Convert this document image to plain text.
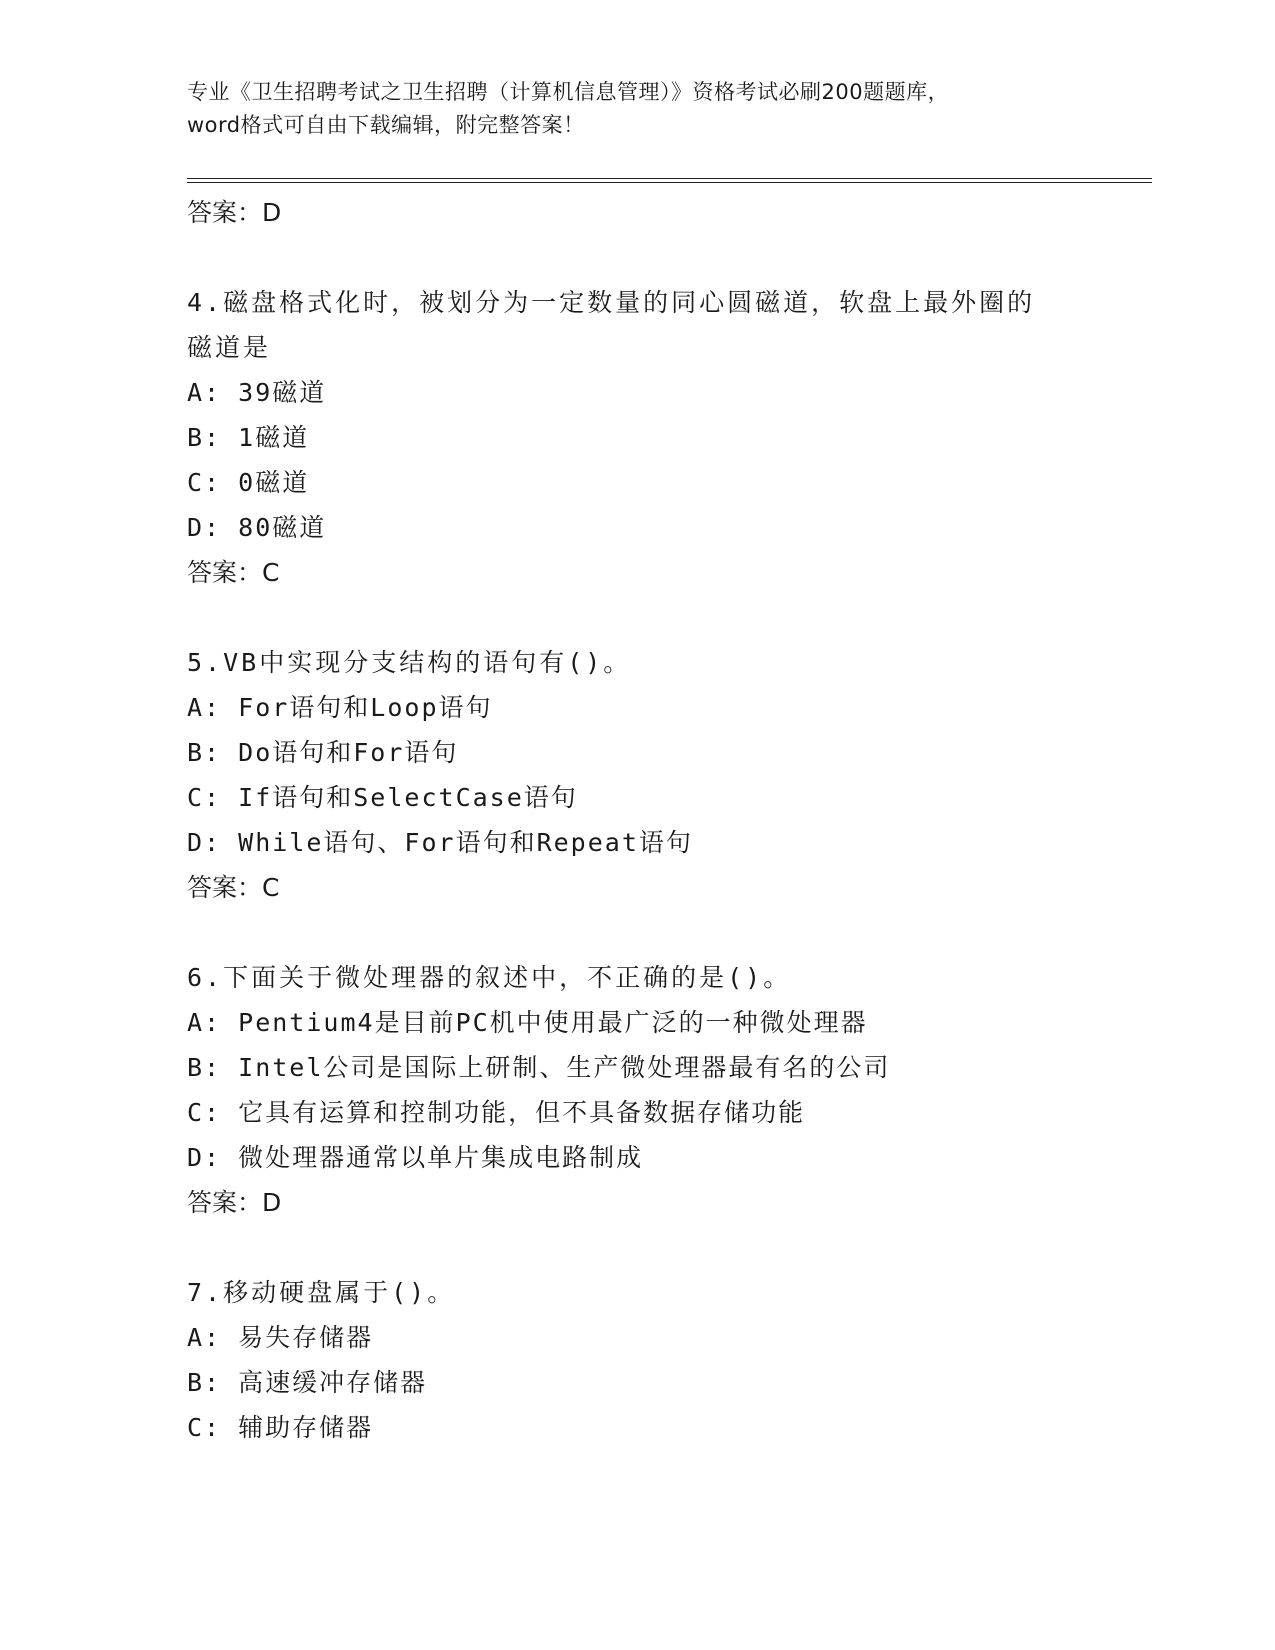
专业《卫生招聘考试之卫生招聘（计算机信息管理）》资格考试必刷200题题库，
word格式可自由下载编辑，附完整答案！
答案：D
4.磁盘格式化时，被划分为一定数量的同心圆磁道，软盘上最外圈的
磁道是
A: 39磁道
B: 1磁道
C: 0磁道
D: 80磁道
答案：C
5.VB中实现分支结构的语句有()。
A: For语句和Loop语句
B: Do语句和For语句
C: If语句和SelectCase语句
D: While语句、For语句和Repeat语句
答案：C
6.下面关于微处理器的叙述中，不正确的是()。
A: Pentium4是目前PC机中使用最广泛的一种微处理器
B: Intel公司是国际上研制、生产微处理器最有名的公司
C: 它具有运算和控制功能，但不具备数据存储功能
D: 微处理器通常以单片集成电路制成
答案：D
7.移动硬盘属于()。
A: 易失存储器
B: 高速缓冲存储器
C: 辅助存储器
